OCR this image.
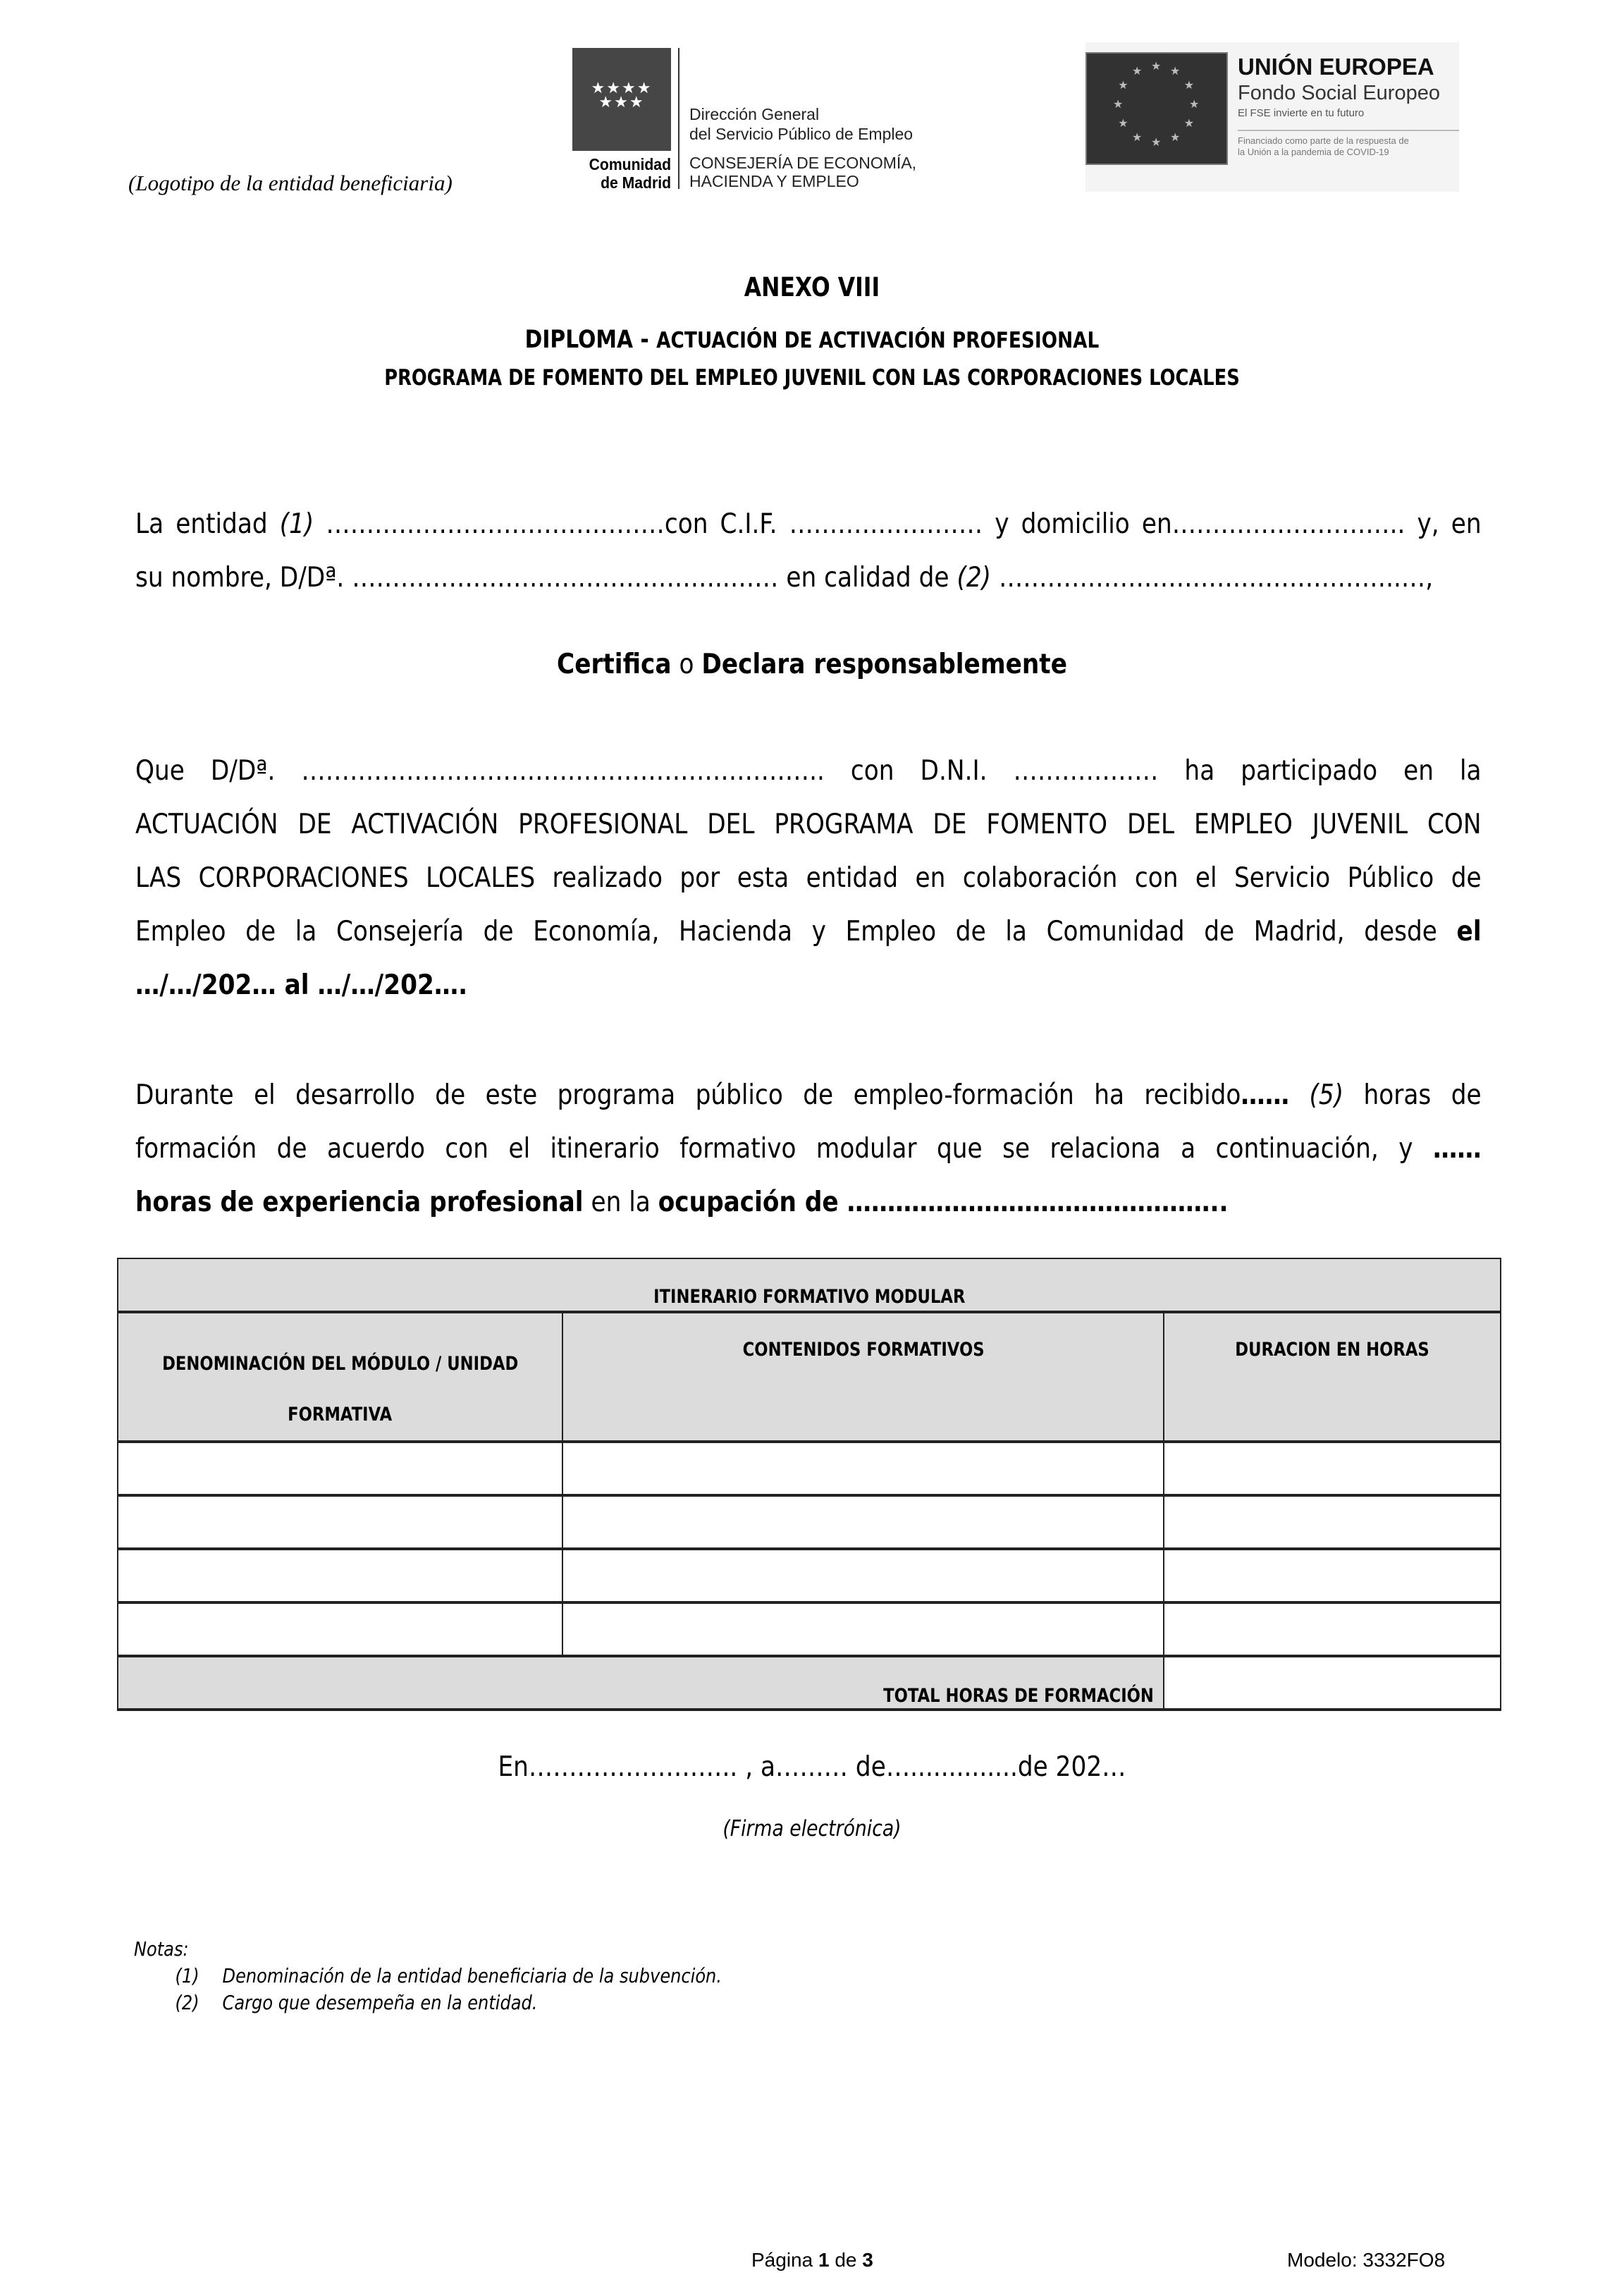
(Logotipo de la entidad beneficiaria)
★★★★ ★★★
Comunidad
de Madrid
Dirección General
del Servicio Público de Empleo
CONSEJERÍA DE ECONOMÍA,
HACIENDA Y EMPLEO
★ ★
★
★
★
★
★
★
★
★
★
★	UNIÓN EUROPEA
Fondo Social Europeo
El FSE invierte en tu futuro
Financiado como parte de la respuesta de
la Unión a la pandemia de COVID-19
ANEXO VIII
DIPLOMA - ACTUACIÓN DE ACTIVACIÓN PROFESIONAL
PROGRAMA DE FOMENTO DEL EMPLEO JUVENIL CON LAS CORPORACIONES LOCALES
La entidad (1) ……………………………………con C.I.F. …………………… y domicilio en……………………….. y, en
su nombre, D/Dª. ………………………………………..…… en calidad de (2) …………………………………………..…,
Certifica o Declara responsablemente
Que D/Dª. ……………………………………………………….. con D.N.I. ……………… ha participado en la
ACTUACIÓN DE ACTIVACIÓN PROFESIONAL DEL PROGRAMA DE FOMENTO DEL EMPLEO JUVENIL CON
LAS CORPORACIONES LOCALES realizado por esta entidad en colaboración con el Servicio Público de
Empleo de la Consejería de Economía, Hacienda y Empleo de la Comunidad de Madrid, desde el
…/…/202… al …/…/202….
Durante el desarrollo de este programa público de empleo-formación ha recibido…… (5) horas de
formación de acuerdo con el itinerario formativo modular que se relaciona a continuación, y ……
horas de experiencia profesional en la ocupación de ………………………………………..
ITINERARIO FORMATIVO MODULAR		
DENOMINACIÓN DEL MÓDULO / UNIDAD
FORMATIVA	CONTENIDOS FORMATIVOS	DURACION EN HORAS

TOTAL HORAS DE FORMACIÓN		
En…………………….. , a……… de…..............de 202…
(Firma electrónica)
Notas:
(1) Denominación de la entidad beneficiaria de la subvención.
(2) Cargo que desempeña en la entidad.
Página 1 de 3	Modelo: 3332FO8
